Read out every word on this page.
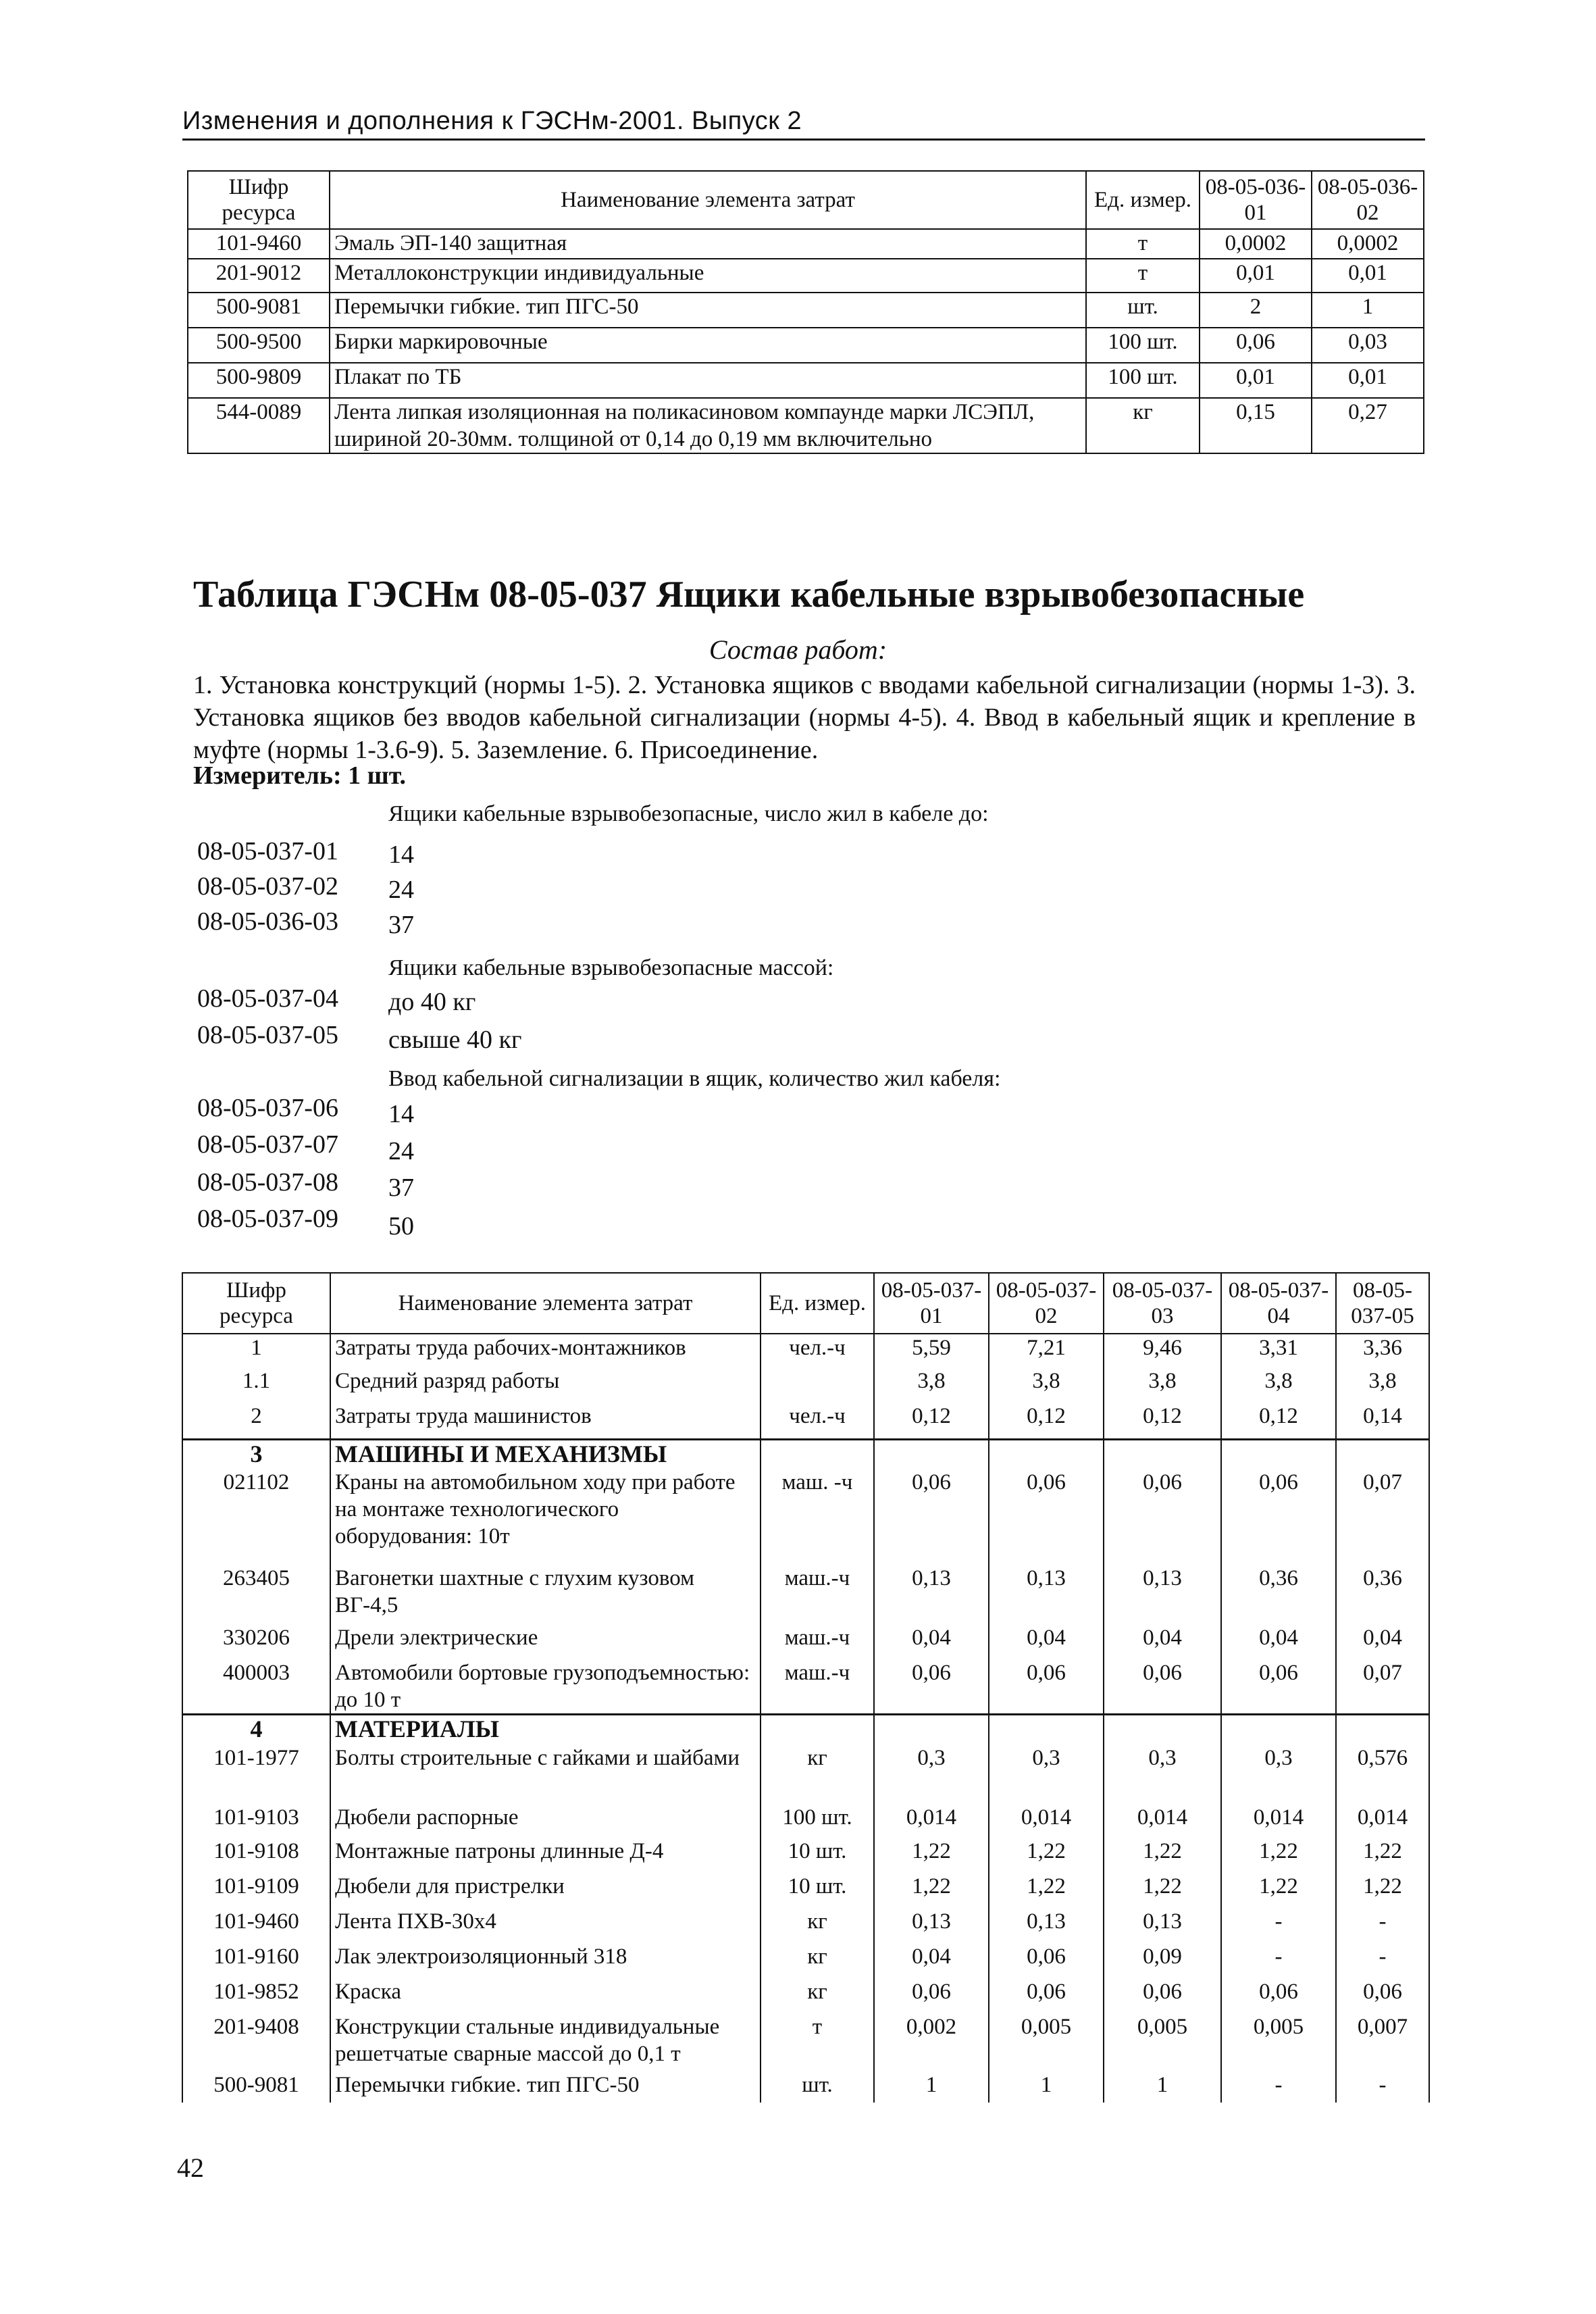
Изменения и дополнения к ГЭСНм-2001. Выпуск 2
Шифр ресурса	Наименование элемента затрат	Ед. измер.	08-05-036-01	08-05-036-02
101-9460	Эмаль ЭП-140 защитная	т	0,0002	0,0002
201-9012	Металлоконструкции индивидуальные	т	0,01	0,01
500-9081	Перемычки гибкие. тип ПГС-50	шт.	2	1
500-9500	Бирки маркировочные	100 шт.	0,06	0,03
500-9809	Плакат по ТБ	100 шт.	0,01	0,01
544-0089	Лента липкая изоляционная на поликасиновом компаунде марки ЛСЭПЛ, шириной 20-30мм. толщиной от 0,14 до 0,19 мм включительно	кг	0,15	0,27
Таблица ГЭСНм 08-05-037 Ящики кабельные взрывобезопасные
Состав работ:
1. Установка конструкций (нормы 1-5). 2. Установка ящиков с вводами кабельной сигнализации (нормы 1-3). 3. Установка ящиков без вводов кабельной сигнализации (нормы 4-5). 4. Ввод в кабельный ящик и крепление в муфте (нормы 1-3.6-9). 5. Заземление. 6. Присоединение.
Измеритель: 1 шт.
Ящики кабельные взрывобезопасные, число жил в кабеле до:
08-05-037-01 14
08-05-037-02 24
08-05-036-03 37
Ящики кабельные взрывобезопасные массой:
08-05-037-04 до 40 кг
08-05-037-05 свыше 40 кг
Ввод кабельной сигнализации в ящик, количество жил кабеля:
08-05-037-06 14
08-05-037-07 24
08-05-037-08 37
08-05-037-09 50
Шифр ресурса	Наименование элемента затрат	Ед. измер.	08-05-037-01	08-05-037-02	08-05-037-03	08-05-037-04	08-05-037-05
1	Затраты труда рабочих-монтажников	чел.-ч	5,59	7,21	9,46	3,31	3,36
1.1	Средний разряд работы		3,8	3,8	3,8	3,8	3,8
2	Затраты труда машинистов	чел.-ч	0,12	0,12	0,12	0,12	0,14
3	МАШИНЫ И МЕХАНИЗМЫ						
021102	Краны на автомобильном ходу при работе на монтаже технологического оборудования: 10т	маш. -ч	0,06	0,06	0,06	0,06	0,07
263405	Вагонетки шахтные с глухим кузовом ВГ-4,5	маш.-ч	0,13	0,13	0,13	0,36	0,36
330206	Дрели электрические	маш.-ч	0,04	0,04	0,04	0,04	0,04
400003	Автомобили бортовые грузоподъемностью: до 10 т	маш.-ч	0,06	0,06	0,06	0,06	0,07
4	МАТЕРИАЛЫ						
101-1977	Болты строительные с гайками и шайбами	кг	0,3	0,3	0,3	0,3	0,576
101-9103	Дюбели распорные	100 шт.	0,014	0,014	0,014	0,014	0,014
101-9108	Монтажные патроны длинные Д-4	10 шт.	1,22	1,22	1,22	1,22	1,22
101-9109	Дюбели для пристрелки	10 шт.	1,22	1,22	1,22	1,22	1,22
101-9460	Лента ПХВ-30х4	кг	0,13	0,13	0,13	-	-
101-9160	Лак электроизоляционный 318	кг	0,04	0,06	0,09	-	-
101-9852	Краска	кг	0,06	0,06	0,06	0,06	0,06
201-9408	Конструкции стальные индивидуальные решетчатые сварные массой до 0,1 т	т	0,002	0,005	0,005	0,005	0,007
500-9081	Перемычки гибкие. тип ПГС-50	шт.	1	1	1	-	-
42
